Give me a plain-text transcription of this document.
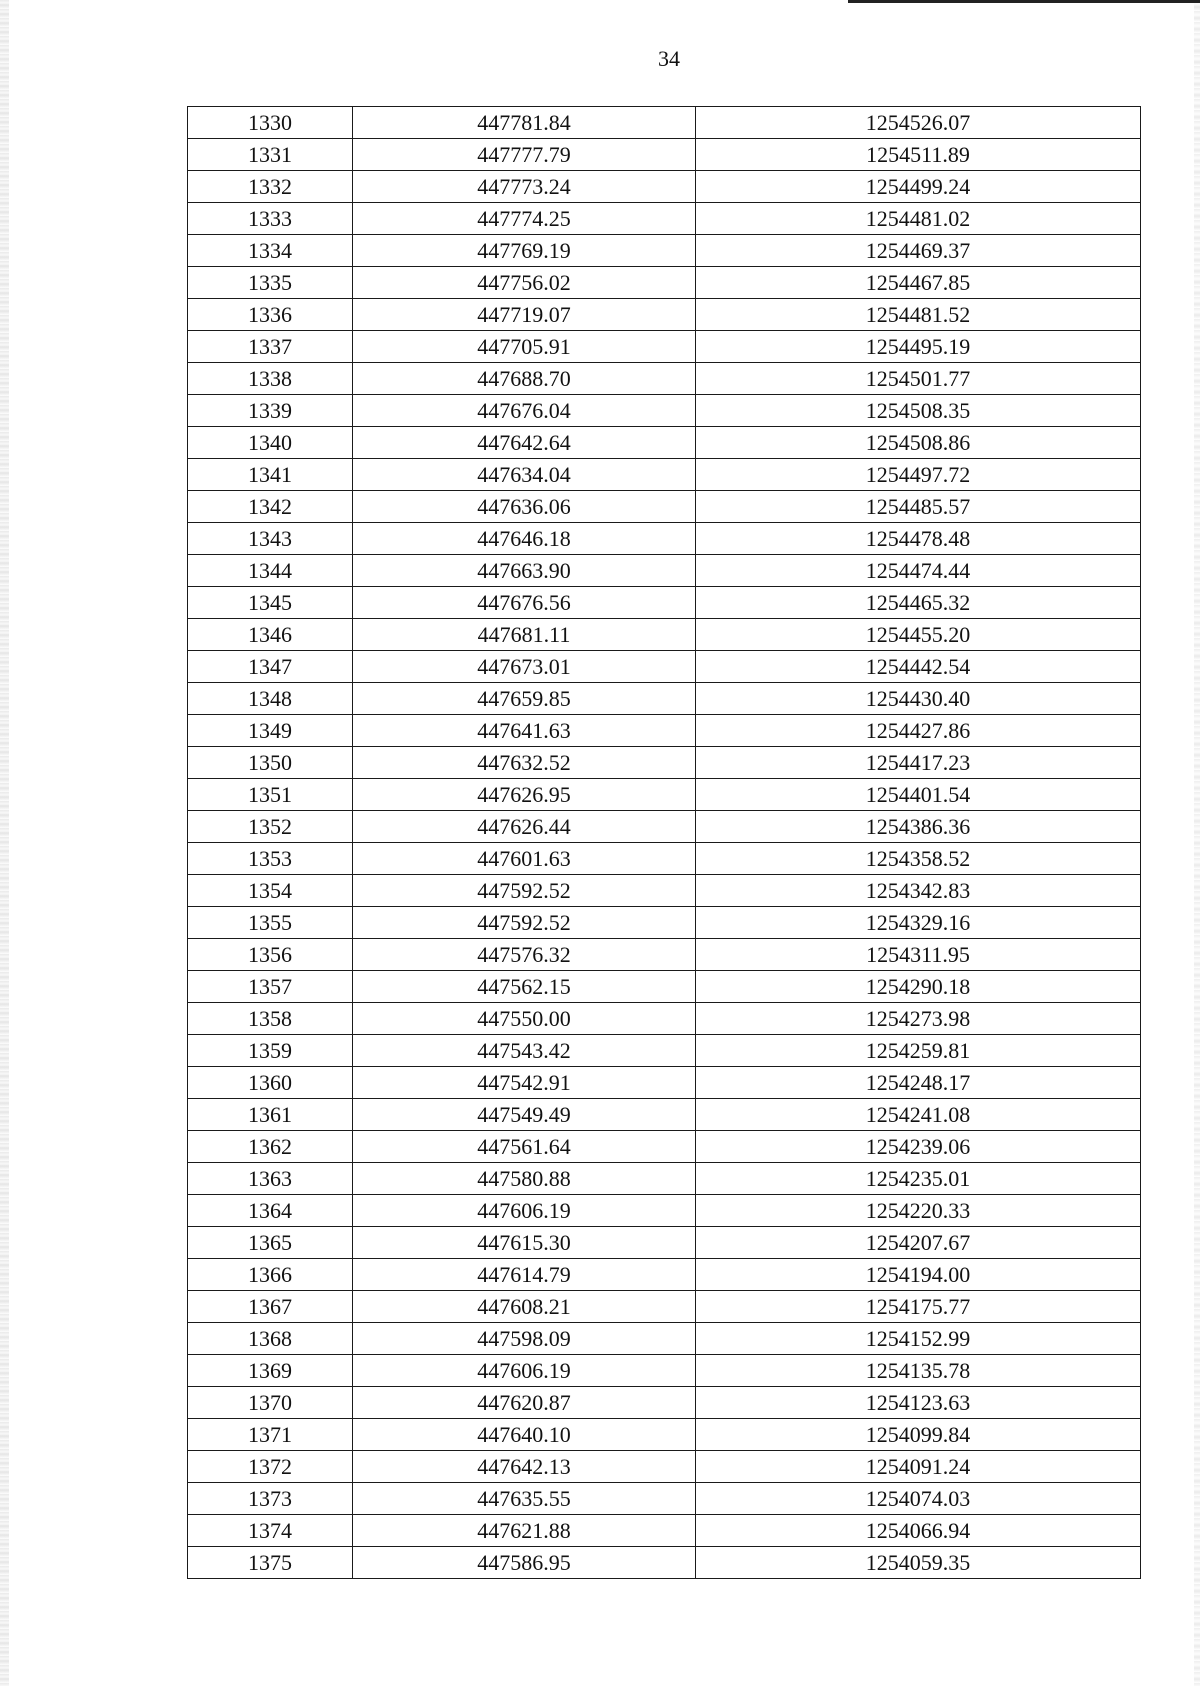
34
1330	447781.84	1254526.07
1331	447777.79	1254511.89
1332	447773.24	1254499.24
1333	447774.25	1254481.02
1334	447769.19	1254469.37
1335	447756.02	1254467.85
1336	447719.07	1254481.52
1337	447705.91	1254495.19
1338	447688.70	1254501.77
1339	447676.04	1254508.35
1340	447642.64	1254508.86
1341	447634.04	1254497.72
1342	447636.06	1254485.57
1343	447646.18	1254478.48
1344	447663.90	1254474.44
1345	447676.56	1254465.32
1346	447681.11	1254455.20
1347	447673.01	1254442.54
1348	447659.85	1254430.40
1349	447641.63	1254427.86
1350	447632.52	1254417.23
1351	447626.95	1254401.54
1352	447626.44	1254386.36
1353	447601.63	1254358.52
1354	447592.52	1254342.83
1355	447592.52	1254329.16
1356	447576.32	1254311.95
1357	447562.15	1254290.18
1358	447550.00	1254273.98
1359	447543.42	1254259.81
1360	447542.91	1254248.17
1361	447549.49	1254241.08
1362	447561.64	1254239.06
1363	447580.88	1254235.01
1364	447606.19	1254220.33
1365	447615.30	1254207.67
1366	447614.79	1254194.00
1367	447608.21	1254175.77
1368	447598.09	1254152.99
1369	447606.19	1254135.78
1370	447620.87	1254123.63
1371	447640.10	1254099.84
1372	447642.13	1254091.24
1373	447635.55	1254074.03
1374	447621.88	1254066.94
1375	447586.95	1254059.35
